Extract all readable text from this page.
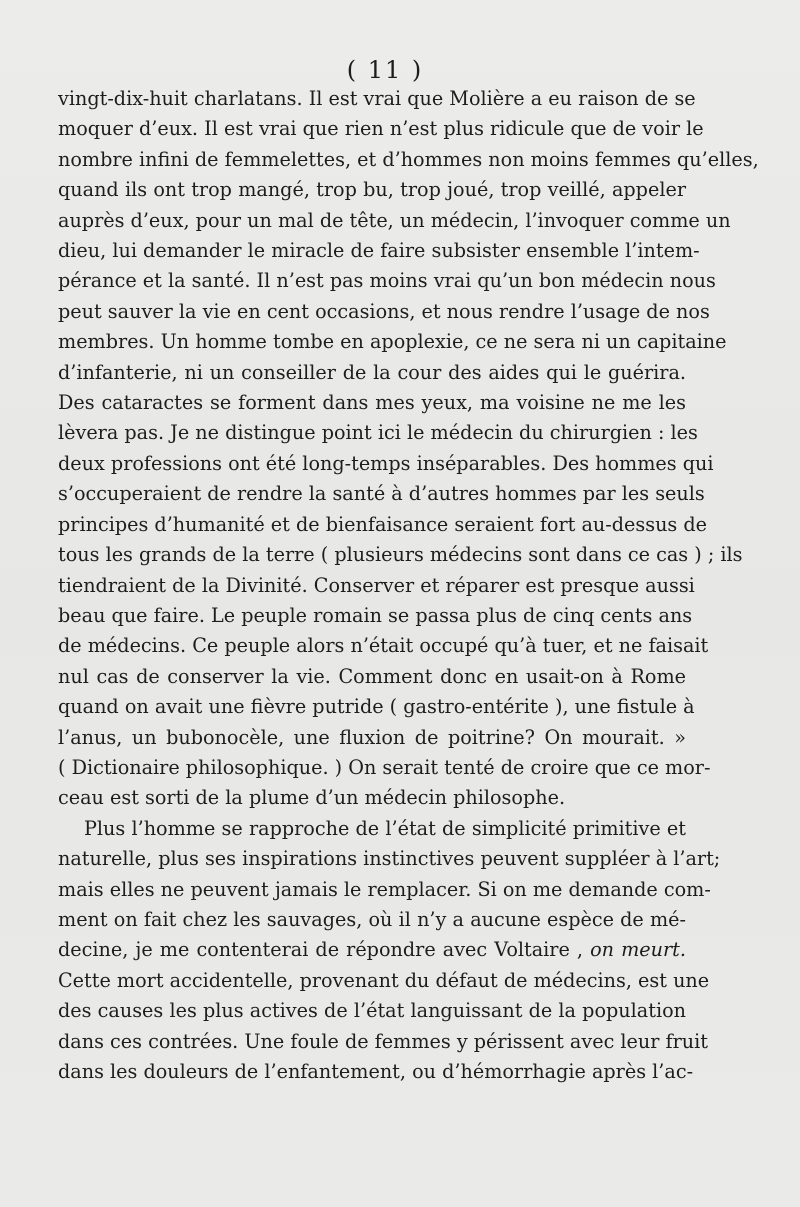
( 11 )

vingt-dix-huit charlatans. Il est vrai que Molière a eu raison de se
moquer d’eux. Il est vrai que rien n’est plus ridicule que de voir le
nombre infini de femmelettes, et d’hommes non moins femmes qu’elles,
quand ils ont trop mangé, trop bu, trop joué, trop veillé, appeler
auprès d’eux, pour un mal de tête, un médecin, l’invoquer comme un
dieu, lui demander le miracle de faire subsister ensemble l’intem-
pérance et la santé. Il n’est pas moins vrai qu’un bon médecin nous
peut sauver la vie en cent occasions, et nous rendre l’usage de nos
membres. Un homme tombe en apoplexie, ce ne sera ni un capitaine
d’infanterie, ni un conseiller de la cour des aides qui le guérira.
Des cataractes se forment dans mes yeux, ma voisine ne me les
lèvera pas. Je ne distingue point ici le médecin du chirurgien : les
deux professions ont été long-temps inséparables. Des hommes qui
s’occuperaient de rendre la santé à d’autres hommes par les seuls
principes d’humanité et de bienfaisance seraient fort au-dessus de
tous les grands de la terre ( plusieurs médecins sont dans ce cas ) ; ils
tiendraient de la Divinité. Conserver et réparer est presque aussi
beau que faire. Le peuple romain se passa plus de cinq cents ans
de médecins. Ce peuple alors n’était occupé qu’à tuer, et ne faisait
nul cas de conserver la vie. Comment donc en usait-on à Rome
quand on avait une fièvre putride ( gastro-entérite ), une fistule à
l’anus, un bubonocèle, une fluxion de poitrine? On mourait. »
( Dictionaire philosophique. ) On serait tenté de croire que ce mor-
ceau est sorti de la plume d’un médecin philosophe.
Plus l’homme se rapproche de l’état de simplicité primitive et
naturelle, plus ses inspirations instinctives peuvent suppléer à l’art;
mais elles ne peuvent jamais le remplacer. Si on me demande com-
ment on fait chez les sauvages, où il n’y a aucune espèce de mé-
decine, je me contenterai de répondre avec Voltaire , on meurt.
Cette mort accidentelle, provenant du défaut de médecins, est une
des causes les plus actives de l’état languissant de la population
dans ces contrées. Une foule de femmes y périssent avec leur fruit
dans les douleurs de l’enfantement, ou d’hémorrhagie après l’ac-
